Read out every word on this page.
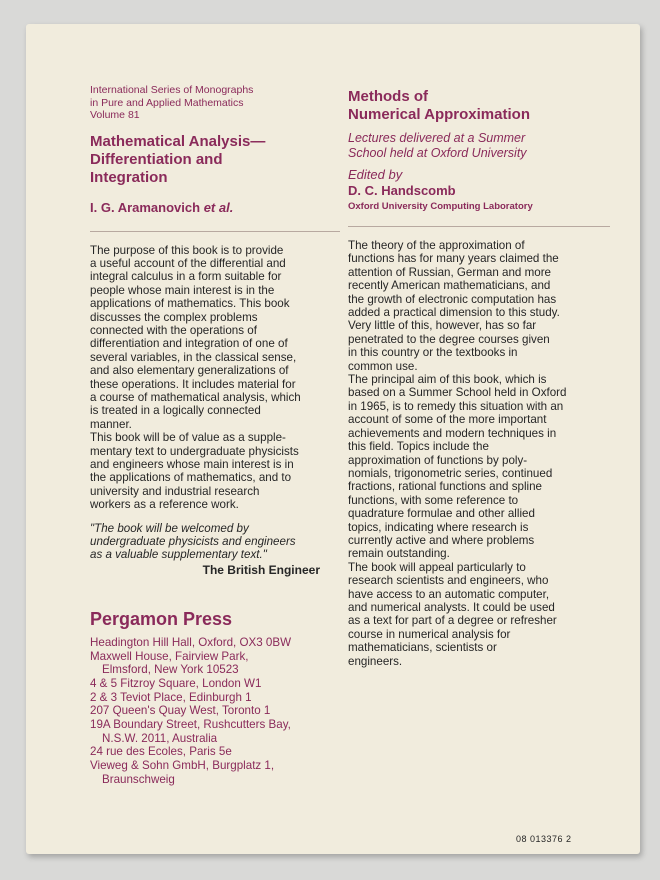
International Series of Monographs
in Pure and Applied Mathematics
Volume 81
Mathematical Analysis—
Differentiation and
Integration
I. G. Aramanovich et al.
The purpose of this book is to provide
a useful account of the differential and
integral calculus in a form suitable for
people whose main interest is in the
applications of mathematics. This book
discusses the complex problems
connected with the operations of
differentiation and integration of one of
several variables, in the classical sense,
and also elementary generalizations of
these operations. It includes material for
a course of mathematical analysis, which
is treated in a logically connected
manner.
This book will be of value as a supple-
mentary text to undergraduate physicists
and engineers whose main interest is in
the applications of mathematics, and to
university and industrial research
workers as a reference work.
"The book will be welcomed by
undergraduate physicists and engineers
as a valuable supplementary text."
The British Engineer
Pergamon Press
Headington Hill Hall, Oxford, OX3 0BW
Maxwell House, Fairview Park,
Elmsford, New York 10523
4 & 5 Fitzroy Square, London W1
2 & 3 Teviot Place, Edinburgh 1
207 Queen's Quay West, Toronto 1
19A Boundary Street, Rushcutters Bay,
N.S.W. 2011, Australia
24 rue des Ecoles, Paris 5e
Vieweg & Sohn GmbH, Burgplatz 1,
Braunschweig
Methods of
Numerical Approximation
Lectures delivered at a Summer
School held at Oxford University
Edited by
D. C. Handscomb
Oxford University Computing Laboratory
The theory of the approximation of
functions has for many years claimed the
attention of Russian, German and more
recently American mathematicians, and
the growth of electronic computation has
added a practical dimension to this study.
Very little of this, however, has so far
penetrated to the degree courses given
in this country or the textbooks in
common use.
The principal aim of this book, which is
based on a Summer School held in Oxford
in 1965, is to remedy this situation with an
account of some of the more important
achievements and modern techniques in
this field. Topics include the
approximation of functions by poly-
nomials, trigonometric series, continued
fractions, rational functions and spline
functions, with some reference to
quadrature formulae and other allied
topics, indicating where research is
currently active and where problems
remain outstanding.
The book will appeal particularly to
research scientists and engineers, who
have access to an automatic computer,
and numerical analysts. It could be used
as a text for part of a degree or refresher
course in numerical analysis for
mathematicians, scientists or
engineers.
08 013376 2
